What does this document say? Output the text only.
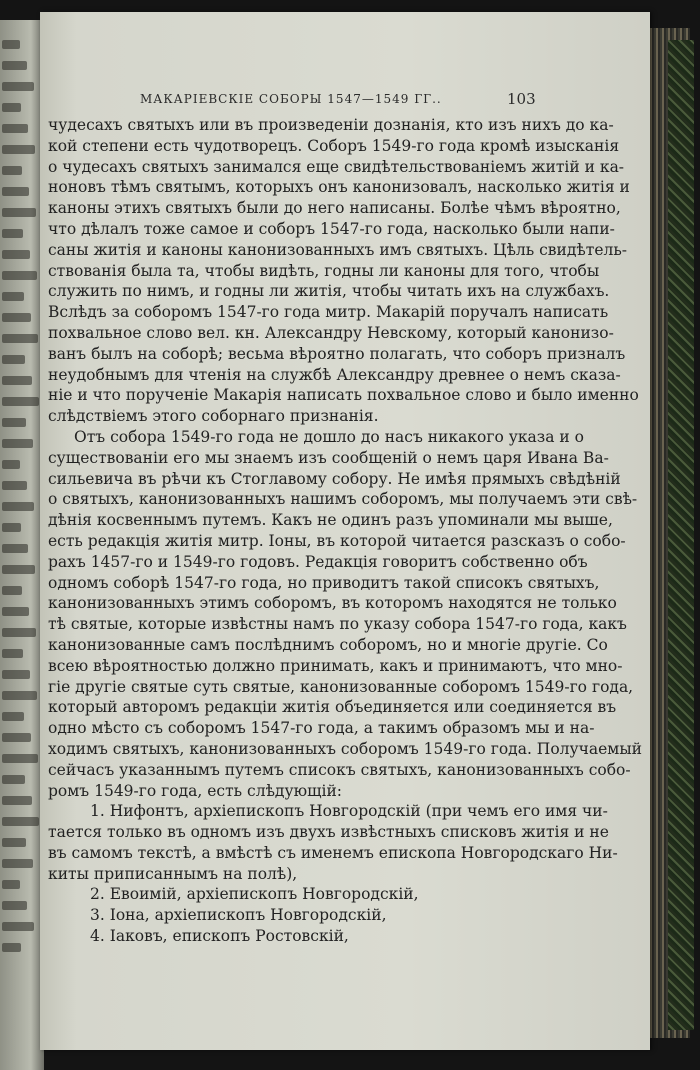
МАКАРІЕВСКІЕ СОБОРЫ 1547—1549 ГГ..	103
чудесахъ святыхъ или въ произведеніи дознанія, кто изъ нихъ до ка-
кой степени есть чудотворецъ. Соборъ 1549-го года кромѣ изысканія
о чудесахъ святыхъ занимался еще свидѣтельствованіемъ житій и ка-
ноновъ тѣмъ святымъ, которыхъ онъ канонизовалъ, насколько житія и
каноны этихъ святыхъ были до него написаны. Болѣе чѣмъ вѣроятно,
что дѣлалъ тоже самое и соборъ 1547-го года, насколько были напи-
саны житія и каноны канонизованныхъ имъ святыхъ. Цѣль свидѣтель-
ствованія была та, чтобы видѣть, годны ли каноны для того, чтобы
служить по нимъ, и годны ли житія, чтобы читать ихъ на службахъ.
Вслѣдъ за соборомъ 1547-го года митр. Макарій поручалъ написать
похвальное слово вел. кн. Александру Невскому, который канонизо-
ванъ былъ на соборѣ; весьма вѣроятно полагать, что соборъ призналъ
неудобнымъ для чтенія на службѣ Александру древнее о немъ сказа-
ніе и что порученіе Макарія написать похвальное слово и было именно
слѣдствіемъ этого соборнаго признанія.
Отъ собора 1549-го года не дошло до насъ никакого указа и о
существованіи его мы знаемъ изъ сообщеній о немъ царя Ивана Ва-
сильевича въ рѣчи къ Стоглавому собору. Не имѣя прямыхъ свѣдѣній
о святыхъ, канонизованныхъ нашимъ соборомъ, мы получаемъ эти свѣ-
дѣнія косвеннымъ путемъ. Какъ не одинъ разъ упоминали мы выше,
есть редакція житія митр. Іоны, въ которой читается разсказъ о собо-
рахъ 1457-го и 1549-го годовъ. Редакція говоритъ собственно объ
одномъ соборѣ 1547-го года, но приводитъ такой списокъ святыхъ,
канонизованныхъ этимъ соборомъ, въ которомъ находятся не только
тѣ святые, которые извѣстны намъ по указу собора 1547-го года, какъ
канонизованные самъ послѣднимъ соборомъ, но и многіе другіе. Со
всею вѣроятностью должно принимать, какъ и принимаютъ, что мно-
гіе другіе святые суть святые, канонизованные соборомъ 1549-го года,
который авторомъ редакціи житія объединяется или соединяется въ
одно мѣсто съ соборомъ 1547-го года, а такимъ образомъ мы и на-
ходимъ святыхъ, канонизованныхъ соборомъ 1549-го года. Получаемый
сейчасъ указаннымъ путемъ списокъ святыхъ, канонизованныхъ собо-
ромъ 1549-го года, есть слѣдующій:
1. Нифонтъ, архіепископъ Новгородскій (при чемъ его имя чи-
тается только въ одномъ изъ двухъ извѣстныхъ списковъ житія и не
въ самомъ текстѣ, а вмѣстѣ съ именемъ епископа Новгородскаго Ни-
киты приписаннымъ на полѣ),
2. Евоимій, архіепископъ Новгородскій,
3. Іона, архіепископъ Новгородскій,
4. Іаковъ, епископъ Ростовскій,
